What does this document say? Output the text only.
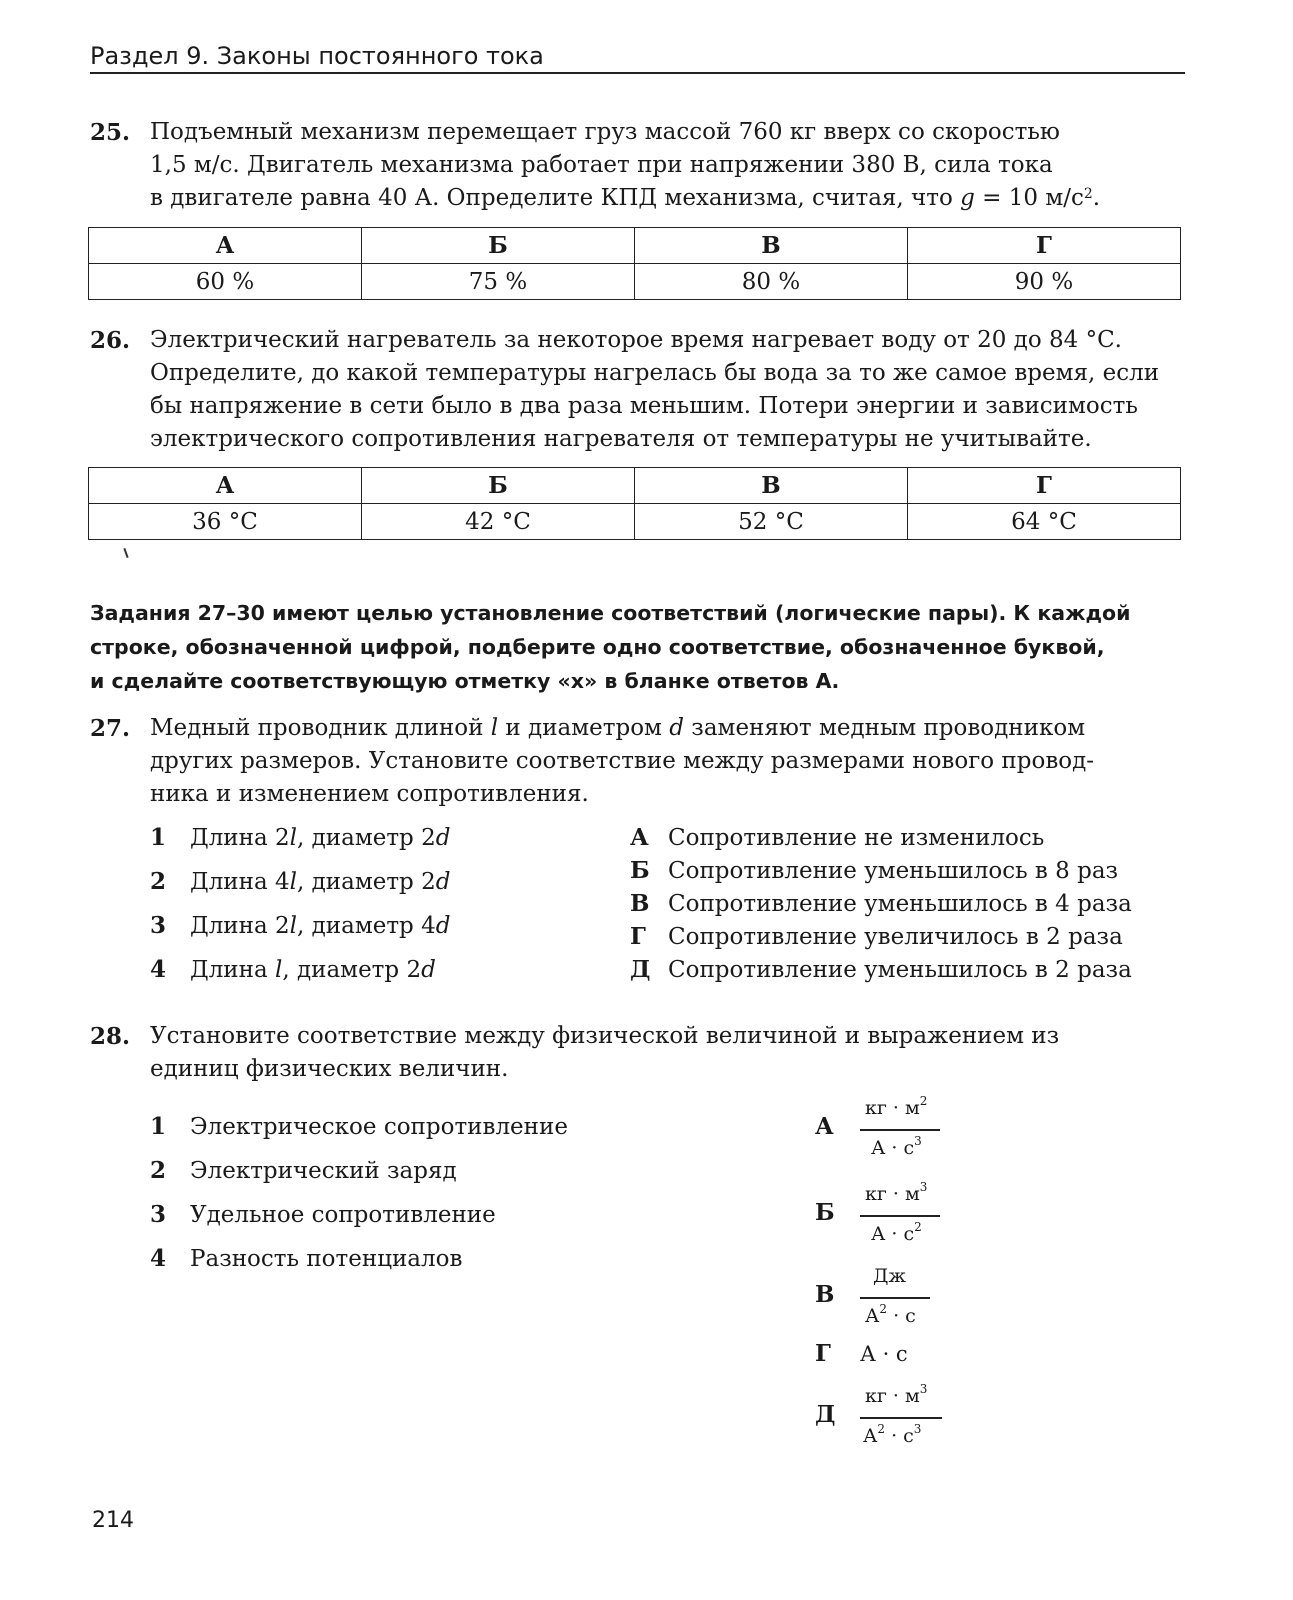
Раздел 9. Законы постоянного тока
25. Подъемный механизм перемещает груз массой 760 кг вверх со скоростью
1,5 м/с. Двигатель механизма работает при напряжении 380 В, сила тока
в двигателе равна 40 А. Определите КПД механизма, считая, что g = 10 $м/с^2$.
А	Б	В	Г
60 %	75 %	80 %	90 %
26. Электрический нагреватель за некоторое время нагревает воду от 20 до 84 °С.
Определите, до какой температуры нагрелась бы вода за то же самое время, если
бы напряжение в сети было в два раза меньшим. Потери энергии и зависимость
электрического сопротивления нагревателя от температуры не учитывайте.
А	Б	В	Г
36 °С	42 °С	52 °С	64 °С
Задания 27–30 имеют целью установление соответствий (логические пары). К каждой
строке, обозначенной цифрой, подберите одно соответствие, обозначенное буквой,
и сделайте соответствующую отметку «x» в бланке ответов А.
27. Медный проводник длиной l и диаметром d заменяют медным проводником
других размеров. Установите соответствие между размерами нового провод-
ника и изменением сопротивления.
1 Длина 2l, диаметр 2d
2 Длина 4l, диаметр 2d
3 Длина 2l, диаметр 4d
4 Длина l, диаметр 2d
А Сопротивление не изменилось
Б Сопротивление уменьшилось в 8 раз
В Сопротивление уменьшилось в 4 раза
Г Сопротивление увеличилось в 2 раза
Д Сопротивление уменьшилось в 2 раза
28. Установите соответствие между физической величиной и выражением из
единиц физических величин.
1 Электрическое сопротивление
2 Электрический заряд
3 Удельное сопротивление
4 Разность потенциалов
А
кг · $м^2$
$А \cdot с^3$
Б
кг · $м^3$
$А \cdot с^2$
В
Дж
$А^2 \cdot с$
Г А · с
Д
кг · $м^3$
$А^2 \cdot с^3$
214
